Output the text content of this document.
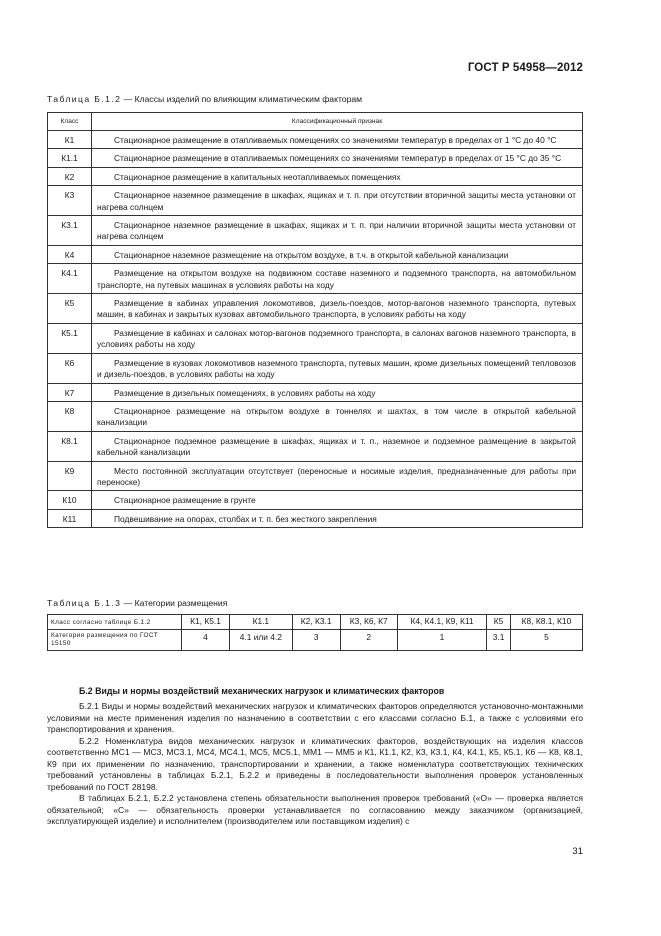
ГОСТ Р 54958—2012
Таблица Б.1.2 — Классы изделий по влияющим климатическим факторам
Класс	Классификационный признак
К1	Стационарное размещение в отапливаемых помещениях со значениями температур в пределах от 1 °С до 40 °С

К1.1	Стационарное размещение в отапливаемых помещениях со значениями температур в пределах от 15 °С до 35 °С

К2	Стационарное размещение в капитальных неотапливаемых помещениях

К3	Стационарное наземное размещение в шкафах, ящиках и т. п. при отсутствии вторичной защиты места установки от нагрева солнцем

К3.1	Стационарное наземное размещение в шкафах, ящиках и т. п. при наличии вторичной защиты места установки от нагрева солнцем

К4	Стационарное наземное размещение на открытом воздухе, в т.ч. в открытой кабельной канализации

К4.1	Размещение на открытом воздухе на подвижном составе наземного и подземного транспорта, на автомобильном транспорте, на путевых машинах в условиях работы на ходу

К5	Размещение в кабинах управления локомотивов, дизель-поездов, мотор-вагонов наземного транспорта, путевых машин, в кабинах и закрытых кузовах автомобильного транспорта, в условиях работы на ходу

К5.1	Размещение в кабинах и салонах мотор-вагонов подземного транспорта, в салонах вагонов наземного транспорта, в условиях работы на ходу

К6	Размещение в кузовах локомотивов наземного транспорта, путевых машин, кроме дизельных помещений тепловозов и дизель-поездов, в условиях работы на ходу

К7	Размещение в дизельных помещениях, в условиях работы на ходу

К8	Стационарное размещение на открытом воздухе в тоннелях и шахтах, в том числе в открытой кабельной канализации

К8.1	Стационарное подземное размещение в шкафах, ящиках и т. п., наземное и подземное размещение в закрытой кабельной канализации

К9	Место постоянной эксплуатации отсутствует (переносные и носимые изделия, предназначенные для работы при переноске)

К10	Стационарное размещение в грунте

К11	Подвешивание на опорах, столбах и т. п. без жесткого закрепления
Таблица Б.1.3 — Категории размещения
Класс согласно таблице Б.1.2	К1, К5.1	К1.1	К2, К3.1	К3, К6, К7	К4, К4.1, К9, К11	К5	К8, К8.1, К10
Категория размещения по ГОСТ 15150	4	4.1 или 4.2	3	2	1	3.1	5
Б.2 Виды и нормы воздействий механических нагрузок и климатических факторов

Б.2.1 Виды и нормы воздействий механических нагрузок и климатических факторов определяются установочно-монтажными условиями на месте применения изделия по назначению в соответствии с его классами согласно Б.1, а также с условиями его транспортирования и хранения.

Б.2.2 Номенклатура видов механических нагрузок и климатических факторов, воздействующих на изделия классов соответственно МС1 — МС3, МС3.1, МС4, МС4.1, МС5, МС5.1, ММ1 — ММ5 и К1, К1.1, К2, К3, К3.1, К4, К4.1, К5, К5.1, К6 — К8, К8.1, К9 при их применении по назначению, транспортировании и хранении, а также номенклатура соответствующих технических требований установлены в таблицах Б.2.1, Б.2.2 и приведены в последовательности выполнения проверок установленных требований по ГОСТ 28198.

В таблицах Б.2.1, Б.2.2 установлена степень обязательности выполнения проверок требований («О» — проверка является обязательной; «С» — обязательность проверки устанавливается по согласованию между заказчиком (организацией, эксплуатирующей изделие) и исполнителем (производителем или поставщиком изделия) с

31
